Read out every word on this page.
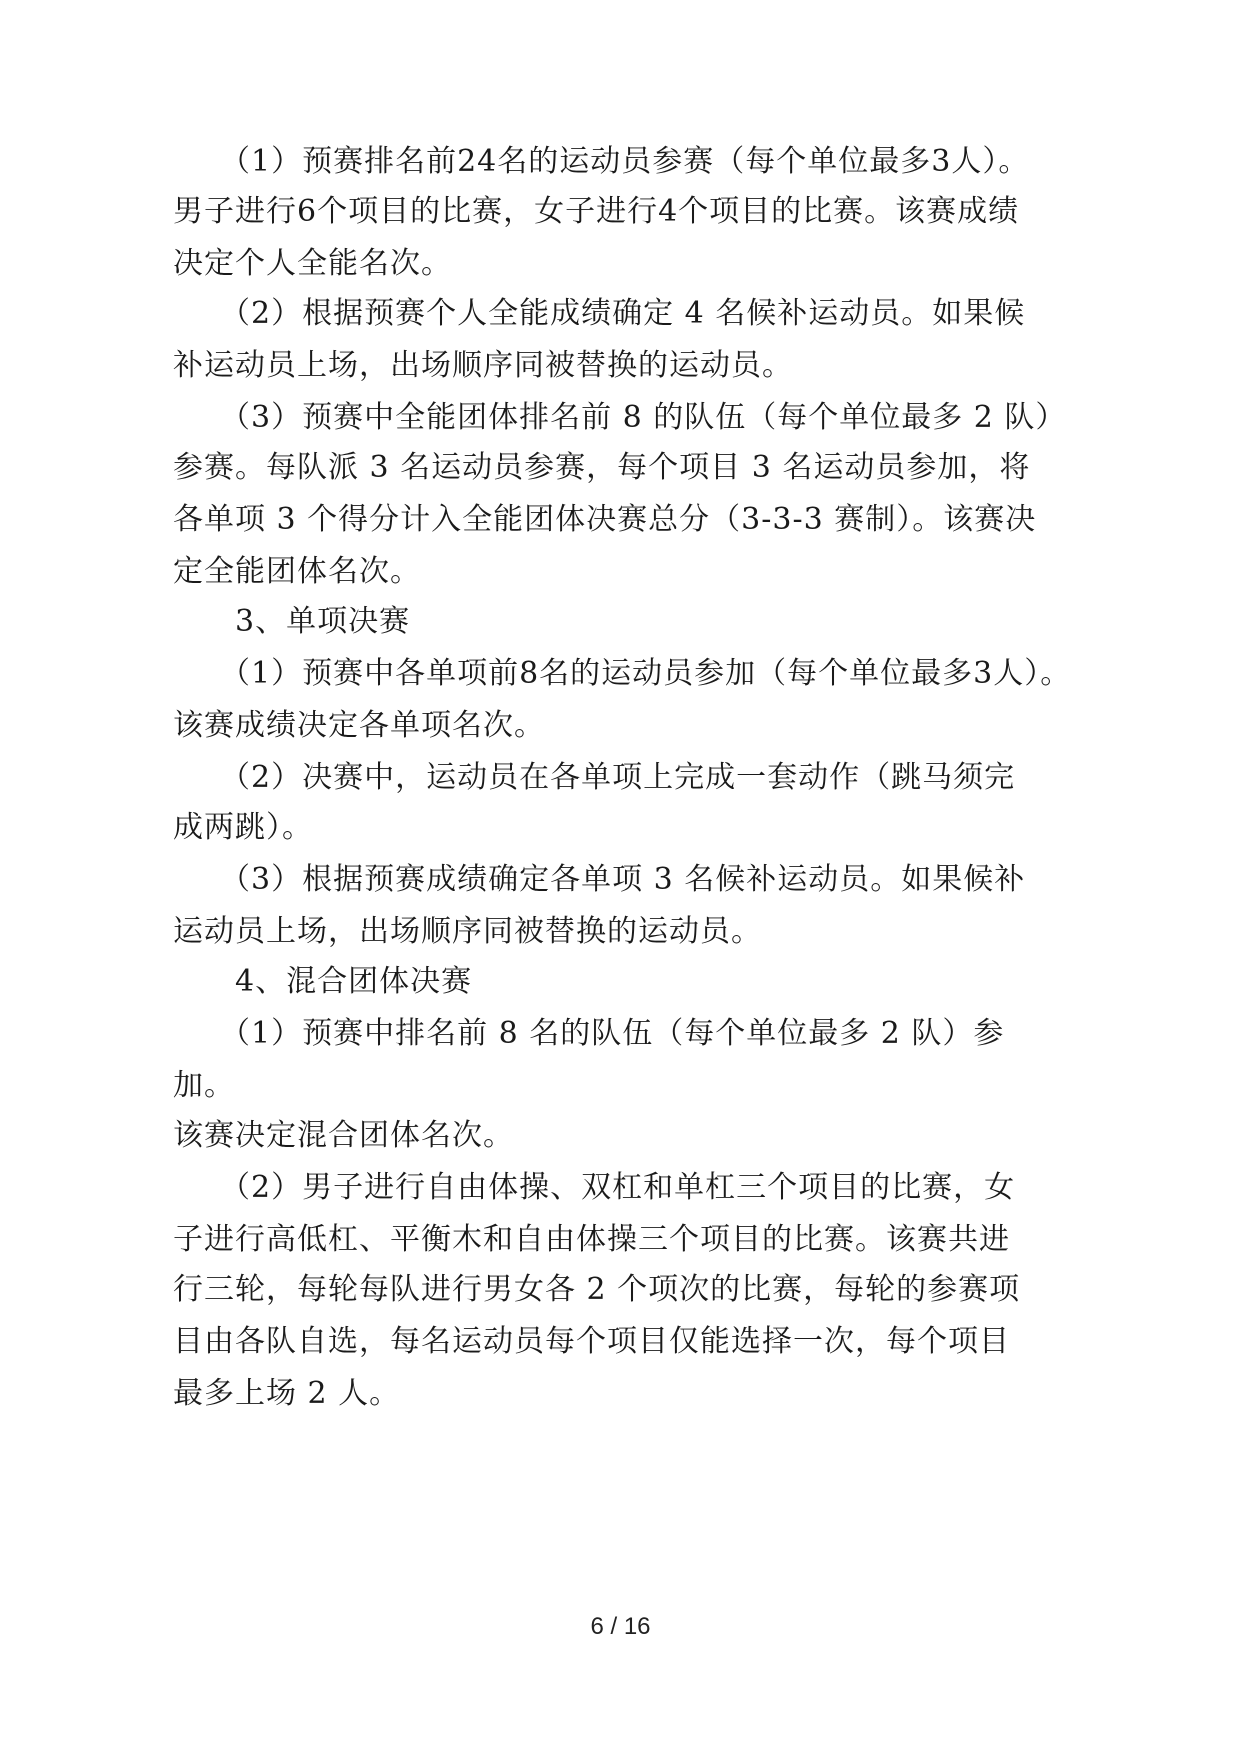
　　（1）预赛排名前24名的运动员参赛（每个单位最多3人）。
男子进行6个项目的比赛，女子进行4个项目的比赛。该赛成绩
决定个人全能名次。
　　（2）根据预赛个人全能成绩确定 4 名候补运动员。如果候
补运动员上场，出场顺序同被替换的运动员。
　　（3）预赛中全能团体排名前 8 的队伍（每个单位最多 2 队）
参赛。每队派 3 名运动员参赛，每个项目 3 名运动员参加，将
各单项 3 个得分计入全能团体决赛总分（3-3-3 赛制）。该赛决
定全能团体名次。
　　3、单项决赛
　　（1）预赛中各单项前8名的运动员参加（每个单位最多3人）。
该赛成绩决定各单项名次。
　　（2）决赛中，运动员在各单项上完成一套动作（跳马须完
成两跳）。
　　（3）根据预赛成绩确定各单项 3 名候补运动员。如果候补
运动员上场，出场顺序同被替换的运动员。
　　4、混合团体决赛
　　（1）预赛中排名前 8 名的队伍（每个单位最多 2 队）参
加。
该赛决定混合团体名次。
　　（2）男子进行自由体操、双杠和单杠三个项目的比赛，女
子进行高低杠、平衡木和自由体操三个项目的比赛。该赛共进
行三轮，每轮每队进行男女各 2 个项次的比赛，每轮的参赛项
目由各队自选，每名运动员每个项目仅能选择一次，每个项目
最多上场 2 人。
6 / 16
